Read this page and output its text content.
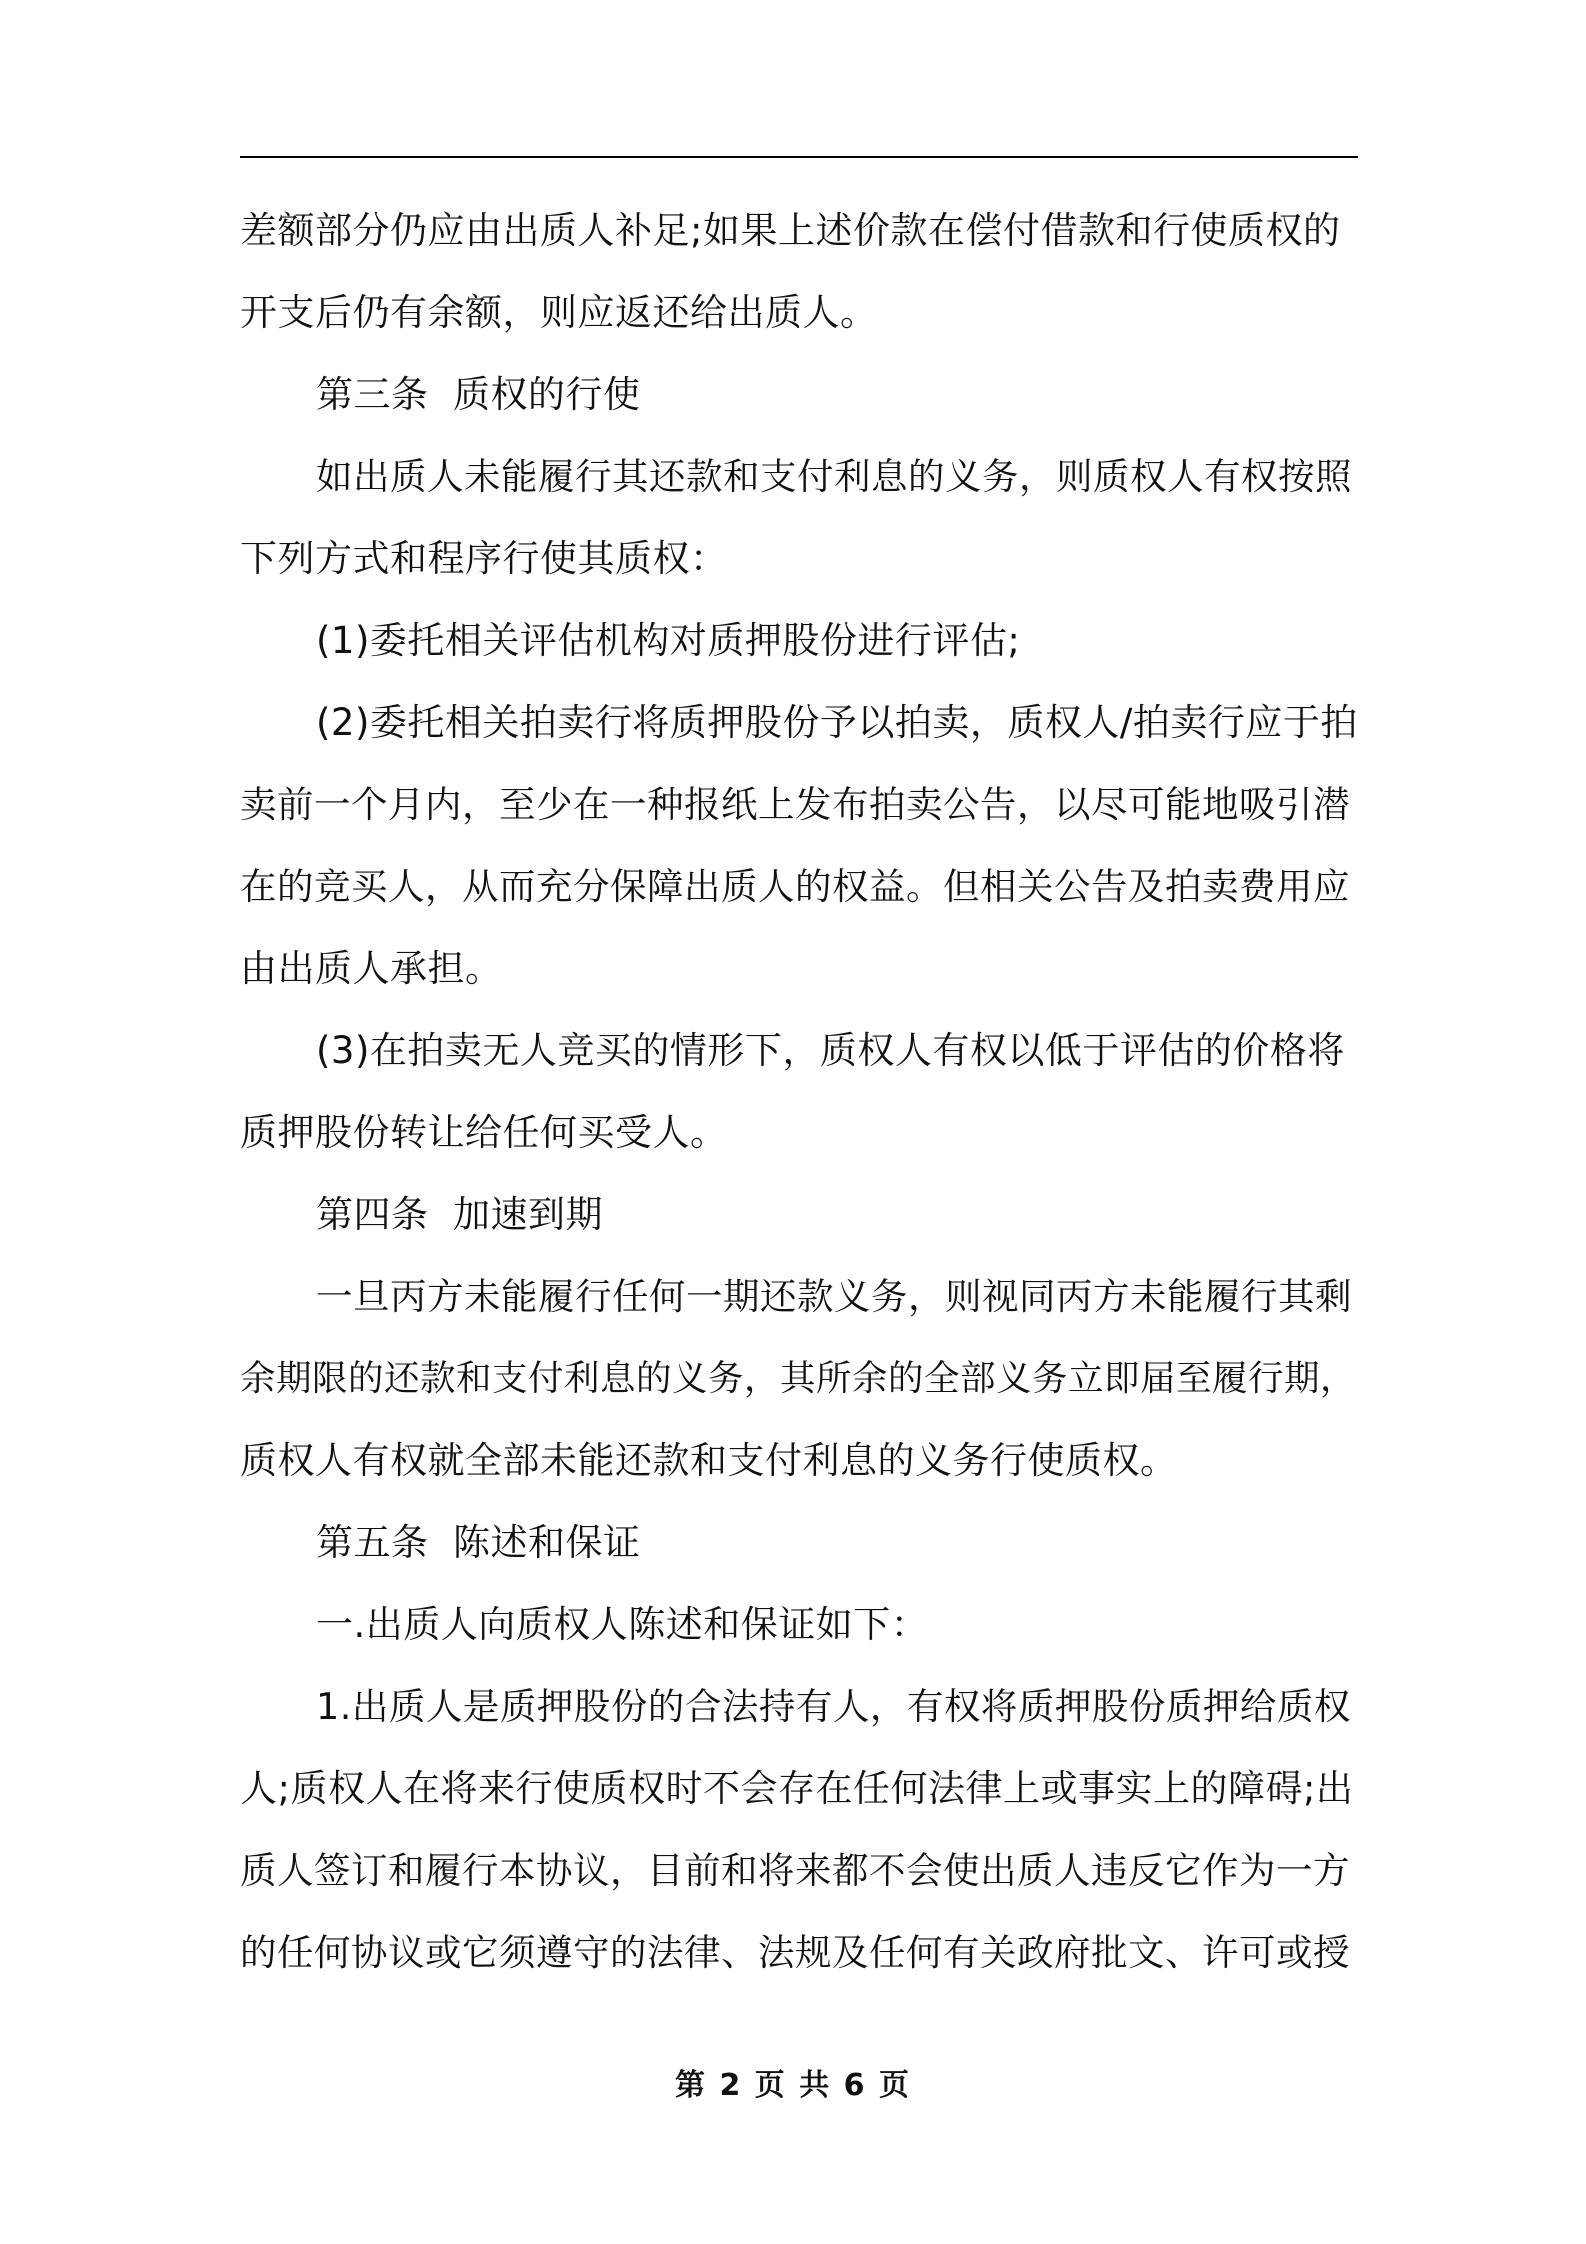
差额部分仍应由出质人补足;如果上述价款在偿付借款和行使质权的
开支后仍有余额，则应返还给出质人。
第三条  质权的行使
如出质人未能履行其还款和支付利息的义务，则质权人有权按照
下列方式和程序行使其质权：
(1)委托相关评估机构对质押股份进行评估;
(2)委托相关拍卖行将质押股份予以拍卖，质权人/拍卖行应于拍
卖前一个月内，至少在一种报纸上发布拍卖公告，以尽可能地吸引潜
在的竞买人，从而充分保障出质人的权益。但相关公告及拍卖费用应
由出质人承担。
(3)在拍卖无人竞买的情形下，质权人有权以低于评估的价格将
质押股份转让给任何买受人。
第四条  加速到期
一旦丙方未能履行任何一期还款义务，则视同丙方未能履行其剩
余期限的还款和支付利息的义务，其所余的全部义务立即届至履行期，
质权人有权就全部未能还款和支付利息的义务行使质权。
第五条  陈述和保证
一.出质人向质权人陈述和保证如下：
1.出质人是质押股份的合法持有人，有权将质押股份质押给质权
人;质权人在将来行使质权时不会存在任何法律上或事实上的障碍;出
质人签订和履行本协议，目前和将来都不会使出质人违反它作为一方
的任何协议或它须遵守的法律、法规及任何有关政府批文、许可或授
第 2 页 共 6 页
